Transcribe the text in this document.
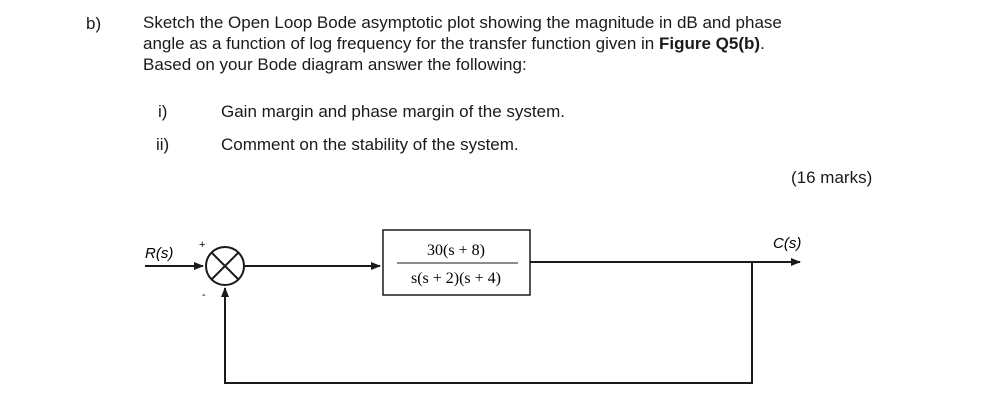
b) Sketch the Open Loop Bode asymptotic plot showing the magnitude in dB and phase
angle as a function of log frequency for the transfer function given in Figure Q5(b).
Based on your Bode diagram answer the following:
i)	Gain margin and phase margin of the system.
ii)	Comment on the stability of the system.
(16 marks)
30(s + 8)
s(s + 2)(s + 4)
R(s)
C(s)
+
-
